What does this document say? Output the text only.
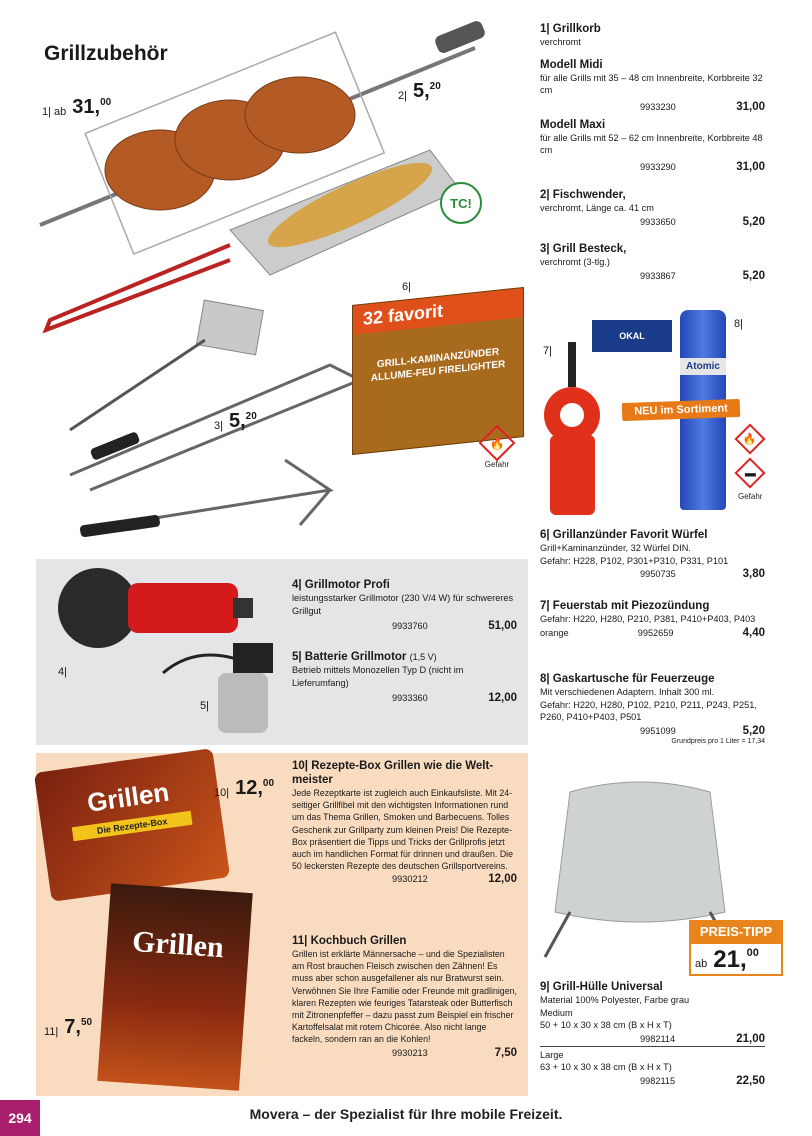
Grillzubehör
TC!
1| ab 31, 00
2| 5, 20
3| 5, 20
6|
32 favorit
GRILL-KAMINANZÜNDER ALLUME-FEU FIRELIGHTER
🔥
Gefahr
7|
8|
OKAL
Atomic
NEU im Sortiment
🔥
▬
Gefahr
1| Grillkorb
verchromt
Modell Midi
für alle Grills mit 35 – 48 cm Innenbreite, Korbbreite 32 cm
9933230	31,00
Modell Maxi
für alle Grills mit 52 – 62 cm Innenbreite, Korbbreite 48 cm
9933290	31,00
2| Fischwender,
verchromt, Länge ca. 41 cm
9933650	5,20
3| Grill Besteck,
verchromt (3-tlg.)
9933867	5,20
6| Grillanzünder Favorit Würfel
Grill+Kaminanzünder, 32 Würfel DIN.
Gefahr: H228, P102, P301+P310, P331, P101
9950735	3,80
7| Feuerstab mit Piezozündung
Gefahr: H220, H280, P210, P381, P410+P403, P403
orange	9952659	4,40
8| Gaskartusche für Feuerzeuge
Mit verschiedenen Adaptern. Inhalt 300 ml.
Gefahr: H220, H280, P102, P210, P211, P243, P251, P260, P410+P403, P501
9951099	5,20
Grundpreis pro 1 Liter = 17,34
4|
5|
4| Grillmotor Profi
leistungsstarker Grillmotor (230 V/4 W) für schwereres Grillgut
9933760	51,00
5| Batterie Grillmotor (1,5 V)
Betrieb mittels Monozellen Typ D (nicht im Lieferumfang)
9933360	12,00
Grillen
Die Rezepte-Box
10| 12, 00
Grillen
11| 7, 50
10| Rezepte-Box Grillen wie die Welt-meister
Jede Rezeptkarte ist zugleich auch Einkaufsliste. Mit 24-seitiger Grillfibel mit den wichtigsten Informationen rund um das Thema Grillen, Smoken und Barbecuens. Tolles Geschenk zur Grillparty zum kleinen Preis! Die Rezepte-Box präsentiert die Tipps und Tricks der Grillprofis jetzt auch im handlichen Format für drinnen und draußen. Die 50 leckersten Rezepte des deutschen Grillsportvereins.
9930212	12,00
11| Kochbuch Grillen
Grillen ist erklärte Männersache – und die Spezialisten am Rost brauchen Fleisch zwischen den Zähnen! Es muss aber schon ausgefallener als nur Bratwurst sein. Verwöhnen Sie Ihre Familie oder Freunde mit gradlinigen, klaren Rezepten wie feuriges Tatarsteak oder Butterfisch mit Zitronenpfeffer – dazu passt zum Beispiel ein frischer Kartoffelsalat mit rotem Chicorée. Also nicht lange fackeln, sondern ran an die Kohlen!
9930213	7,50
PREIS-TIPP
ab 21, 00
9| Grill-Hülle Universal
Material 100% Polyester, Farbe grau
Medium
50 + 10 x 30 x 38 cm (B x H x T)
9982114	21,00
Large
63 + 10 x 30 x 38 cm (B x H x T)
9982115	22,50
294	Movera – der Spezialist für Ihre mobile Freizeit.
